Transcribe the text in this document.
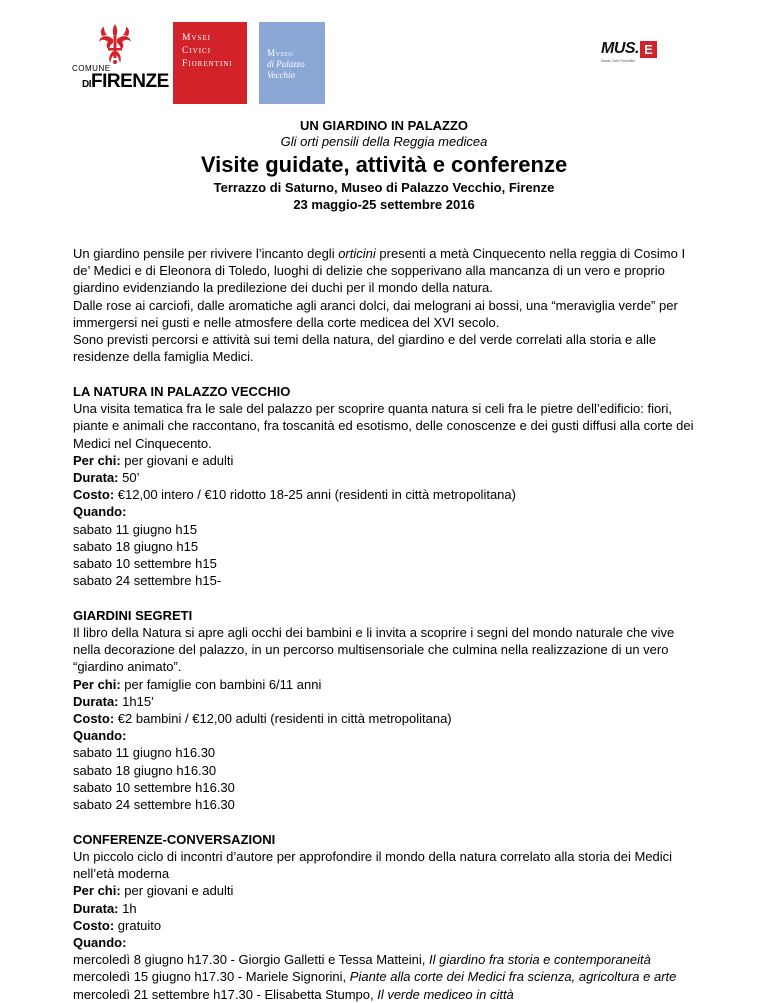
COMUNE
DIFIRENZE
Mvsei
Civici
Fiorentini
Mvseo
di Palazzo
Vecchio
MUS. E
Musei Civici Fiorentini
UN GIARDINO IN PALAZZO
Gli orti pensili della Reggia medicea
Visite guidate, attività e conferenze
Terrazzo di Saturno, Museo di Palazzo Vecchio, Firenze
23 maggio-25 settembre 2016

Un giardino pensile per rivivere l’incanto degli orticini presenti a metà Cinquecento nella reggia di Cosimo I

de’ Medici e di Eleonora di Toledo, luoghi di delizie che sopperivano alla mancanza di un vero e proprio

giardino evidenziando la predilezione dei duchi per il mondo della natura.

Dalle rose ai carciofi, dalle aromatiche agli aranci dolci, dai melograni ai bossi, una “meraviglia verde” per

immergersi nei gusti e nelle atmosfere della corte medicea del XVI secolo.

Sono previsti percorsi e attività sui temi della natura, del giardino e del verde correlati alla storia e alle

residenze della famiglia Medici.

LA NATURA IN PALAZZO VECCHIO

Una visita tematica fra le sale del palazzo per scoprire quanta natura si celi fra le pietre dell’edificio: fiori,

piante e animali che raccontano, fra toscanità ed esotismo, delle conoscenze e dei gusti diffusi alla corte dei

Medici nel Cinquecento.

Per chi: per giovani e adulti

Durata: 50’

Costo: €12,00 intero / €10 ridotto 18-25 anni (residenti in città metropolitana)

Quando:

sabato 11 giugno h15

sabato 18 giugno h15

sabato 10 settembre h15

sabato 24 settembre h15-

GIARDINI SEGRETI

Il libro della Natura si apre agli occhi dei bambini e li invita a scoprire i segni del mondo naturale che vive

nella decorazione del palazzo, in un percorso multisensoriale che culmina nella realizzazione di un vero

“giardino animato”.

Per chi: per famiglie con bambini 6/11 anni

Durata: 1h15’

Costo: €2 bambini / €12,00 adulti (residenti in città metropolitana)

Quando:

sabato 11 giugno h16.30

sabato 18 giugno h16.30

sabato 10 settembre h16.30

sabato 24 settembre h16.30

CONFERENZE-CONVERSAZIONI

Un piccolo ciclo di incontri d’autore per approfondire il mondo della natura correlato alla storia dei Medici

nell’età moderna

Per chi: per giovani e adulti

Durata: 1h

Costo: gratuito

Quando:

mercoledì 8 giugno h17.30 - Giorgio Galletti e Tessa Matteini, Il giardino fra storia e contemporaneità

mercoledì 15 giugno h17.30 - Mariele Signorini, Piante alla corte dei Medici fra scienza, agricoltura e arte

mercoledì 21 settembre h17.30 - Elisabetta Stumpo, Il verde mediceo in città
